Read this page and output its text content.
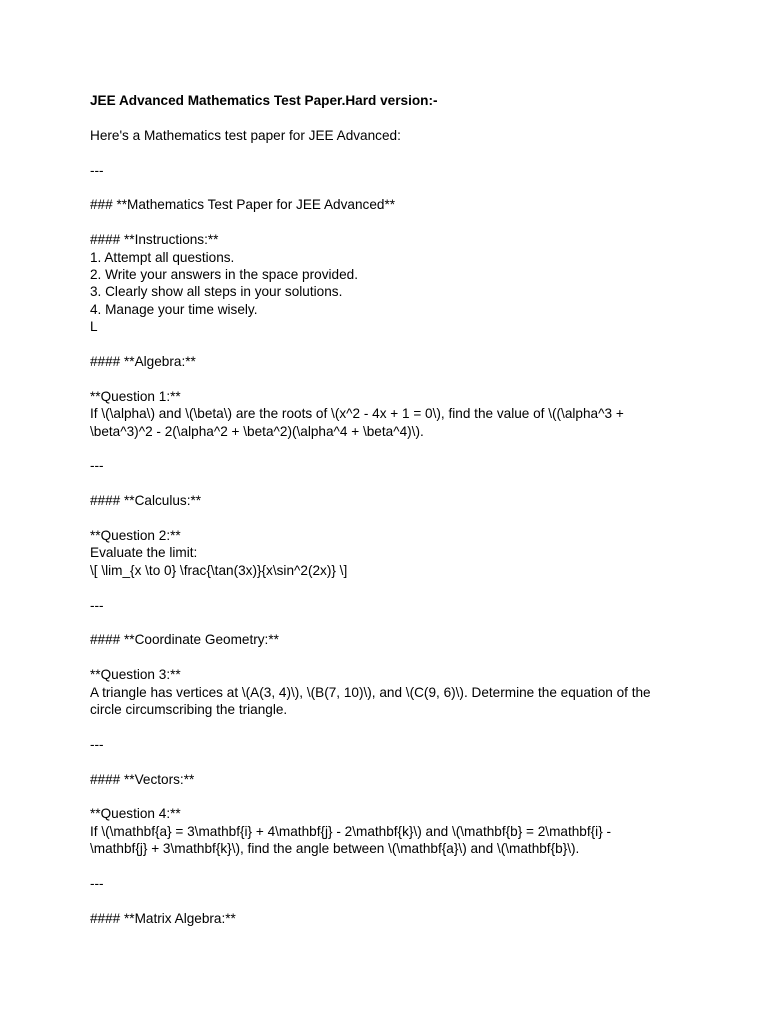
JEE Advanced Mathematics Test Paper.Hard version:-
Here's a Mathematics test paper for JEE Advanced:
---
### **Mathematics Test Paper for JEE Advanced**
#### **Instructions:**
1. Attempt all questions.
2. Write your answers in the space provided.
3. Clearly show all steps in your solutions.
4. Manage your time wisely.
L
#### **Algebra:**
**Question 1:**
If \(\alpha\) and \(\beta\) are the roots of \(x^2 - 4x + 1 = 0\), find the value of \((\alpha^3 +
\beta^3)^2 - 2(\alpha^2 + \beta^2)(\alpha^4 + \beta^4)\).
---
#### **Calculus:**
**Question 2:**
Evaluate the limit:
\[ \lim_{x \to 0} \frac{\tan(3x)}{x\sin^2(2x)} \]
---
#### **Coordinate Geometry:**
**Question 3:**
A triangle has vertices at \(A(3, 4)\), \(B(7, 10)\), and \(C(9, 6)\). Determine the equation of the
circle circumscribing the triangle.
---
#### **Vectors:**
**Question 4:**
If \(\mathbf{a} = 3\mathbf{i} + 4\mathbf{j} - 2\mathbf{k}\) and \(\mathbf{b} = 2\mathbf{i} -
\mathbf{j} + 3\mathbf{k}\), find the angle between \(\mathbf{a}\) and \(\mathbf{b}\).
---
#### **Matrix Algebra:**
